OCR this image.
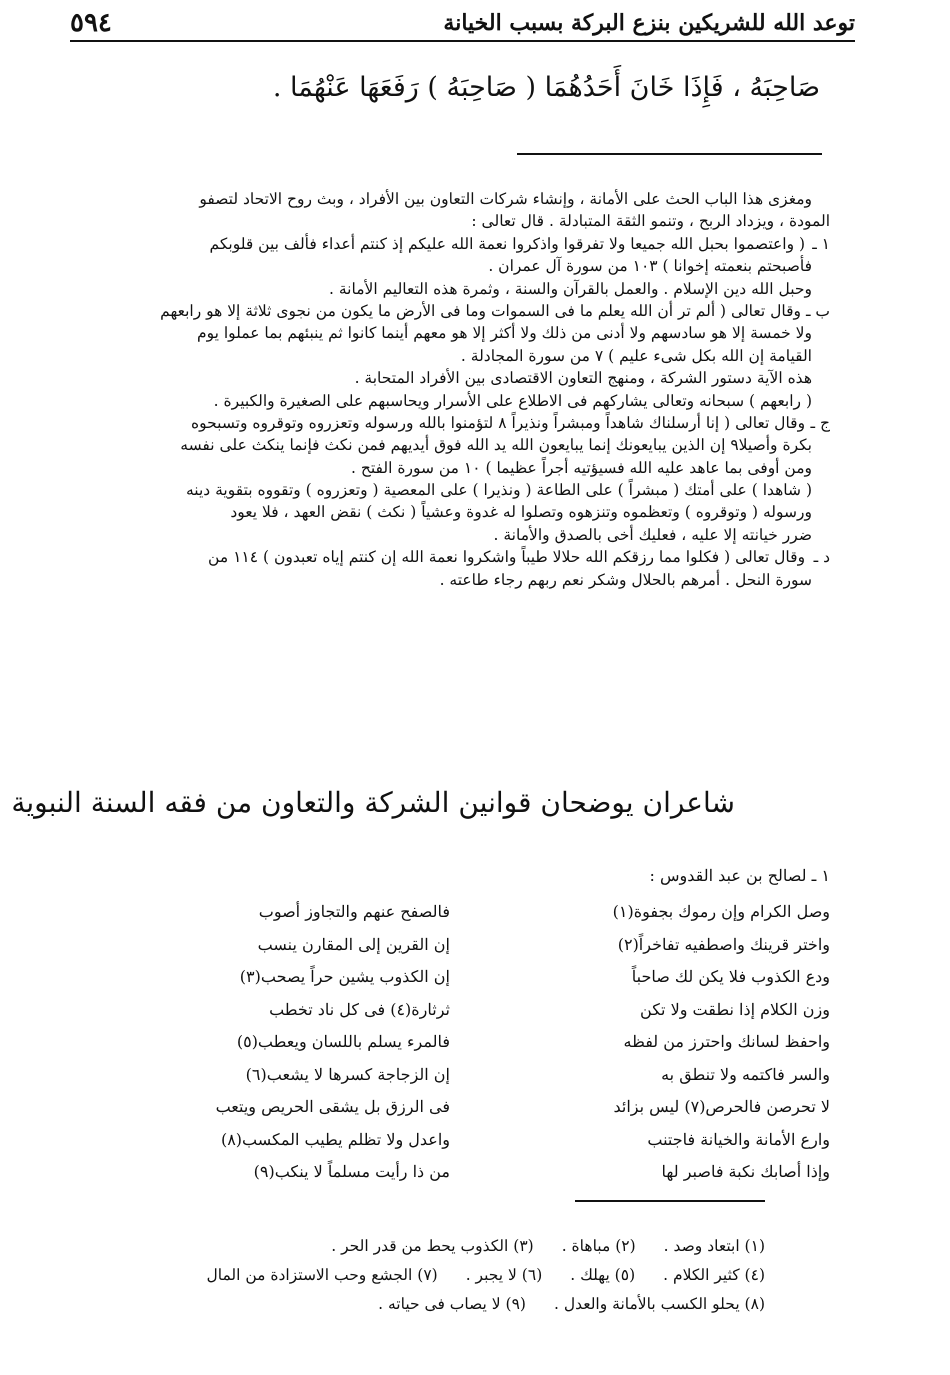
توعد الله للشريكين بنزع البركة بسبب الخيانة
٥٩٤
صَاحِبَهُ ، فَإِذَا خَانَ أَحَدُهُمَا ( صَاحِبَهُ ) رَفَعَهَا عَنْهُمَا .
ومغزى هذا الباب الحث على الأمانة ، وإنشاء شركات التعاون بين الأفراد ، وبث روح الاتحاد لتصفو
المودة ، ويزداد الربح ، وتنمو الثقة المتبادلة . قال تعالى :
١ ـ ( واعتصموا بحبل الله جميعا ولا تفرقوا واذكروا نعمة الله عليكم إذ كنتم أعداء فألف بين قلوبكم
فأصبحتم بنعمته إخوانا ) ١٠٣ من سورة آل عمران .
وحبل الله دين الإسلام . والعمل بالقرآن والسنة ، وثمرة هذه التعاليم الأمانة .
ب ـ وقال تعالى ( ألم تر أن الله يعلم ما فى السموات وما فى الأرض ما يكون من نجوى ثلاثة إلا هو رابعهم
ولا خمسة إلا هو سادسهم ولا أدنى من ذلك ولا أكثر إلا هو معهم أينما كانوا ثم ينبئهم بما عملوا يوم
القيامة إن الله بكل شىء عليم ) ٧ من سورة المجادلة .
هذه الآية دستور الشركة ، ومنهج التعاون الاقتصادى بين الأفراد المتحابة .
( رابعهم ) سبحانه وتعالى يشاركهم فى الاطلاع على الأسرار ويحاسبهم على الصغيرة والكبيرة .
ج ـ وقال تعالى ( إنا أرسلناك شاهداً ومبشراً ونذيراً ٨ لتؤمنوا بالله ورسوله وتعزروه وتوقروه وتسبحوه
بكرة وأصيلا٩ إن الذين يبايعونك إنما يبايعون الله يد الله فوق أيديهم فمن نكث فإنما ينكث على نفسه
ومن أوفى بما عاهد عليه الله فسيؤتيه أجراً عظيما ) ١٠ من سورة الفتح .
( شاهدا ) على أمتك ( مبشراً ) على الطاعة ( ونذيرا ) على المعصية ( وتعزروه ) وتقووه بتقوية دينه
ورسوله ( وتوقروه ) وتعظموه وتنزهوه وتصلوا له غدوة وعشياً ( نكث ) نقض العهد ، فلا يعود
ضرر خيانته إلا عليه ، فعليك أخى بالصدق والأمانة .
د ـ وقال تعالى ( فكلوا مما رزقكم الله حلالا طيباً واشكروا نعمة الله إن كنتم إياه تعبدون ) ١١٤ من
سورة النحل . أمرهم بالحلال وشكر نعم ربهم رجاء طاعته .
شاعران يوضحان قوانين الشركة والتعاون من فقه السنة النبوية
١ ـ لصالح بن عبد القدوس :
وصل الكرام وإن رموك بجفوة(١)
فالصفح عنهم والتجاوز أصوب
واختر قرينك واصطفيه تفاخراً(٢)
إن القرين إلى المقارن ينسب
ودع الكذوب فلا يكن لك صاحباً
إن الكذوب يشين حراً يصحب(٣)
وزن الكلام إذا نطقت ولا تكن
ثرثارة(٤) فى كل ناد تخطب
واحفظ لسانك واحترز من لفظه
فالمرء يسلم باللسان ويعطب(٥)
والسر فاكتمه ولا تنطق به
إن الزجاجة كسرها لا يشعب(٦)
لا تحرصن فالحرص(٧) ليس بزائد
فى الرزق بل يشقى الحريص ويتعب
وارع الأمانة والخيانة فاجتنب
واعدل ولا تظلم يطيب المكسب(٨)
وإذا أصابك نكبة فاصبر لها
من ذا رأيت مسلماً لا ينكب(٩)
(١) ابتعاد وصد .
(٢) مباهاة .
(٣) الكذوب يحط من قدر الحر .
(٤) كثير الكلام .
(٥) يهلك .
(٦) لا يجبر .
(٧) الجشع وحب الاستزادة من المال
(٨) يحلو الكسب بالأمانة والعدل .
(٩) لا يصاب فى حياته .
